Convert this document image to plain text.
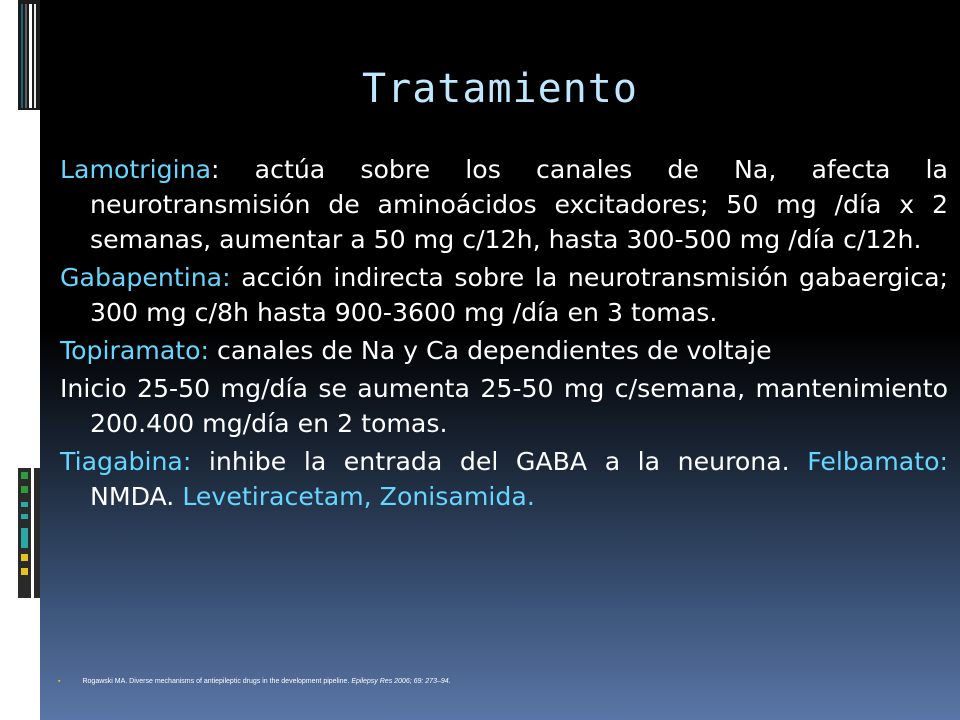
Tratamiento

Lamotrigina: actúa sobre los canales de Na, afecta la neurotransmisión de aminoácidos excitadores; 50 mg /día x 2 semanas, aumentar a 50 mg c/12h, hasta 300-500 mg /día c/12h.

Gabapentina: acción indirecta sobre la neurotransmisión gabaergica; 300 mg c/8h hasta 900-3600 mg /día en 3 tomas.

Topiramato: canales de Na y Ca dependientes de voltaje

Inicio 25-50 mg/día se aumenta 25-50 mg c/semana, mantenimiento 200.400 mg/día en 2 tomas.

Tiagabina: inhibe la entrada del GABA a la neurona. Felbamato: NMDA. Levetiracetam, Zonisamida.

▪	Rogawski MA. Diverse mechanisms of antiepileptic drugs in the development pipeline. Epilepsy Res 2006; 69: 273–94.
